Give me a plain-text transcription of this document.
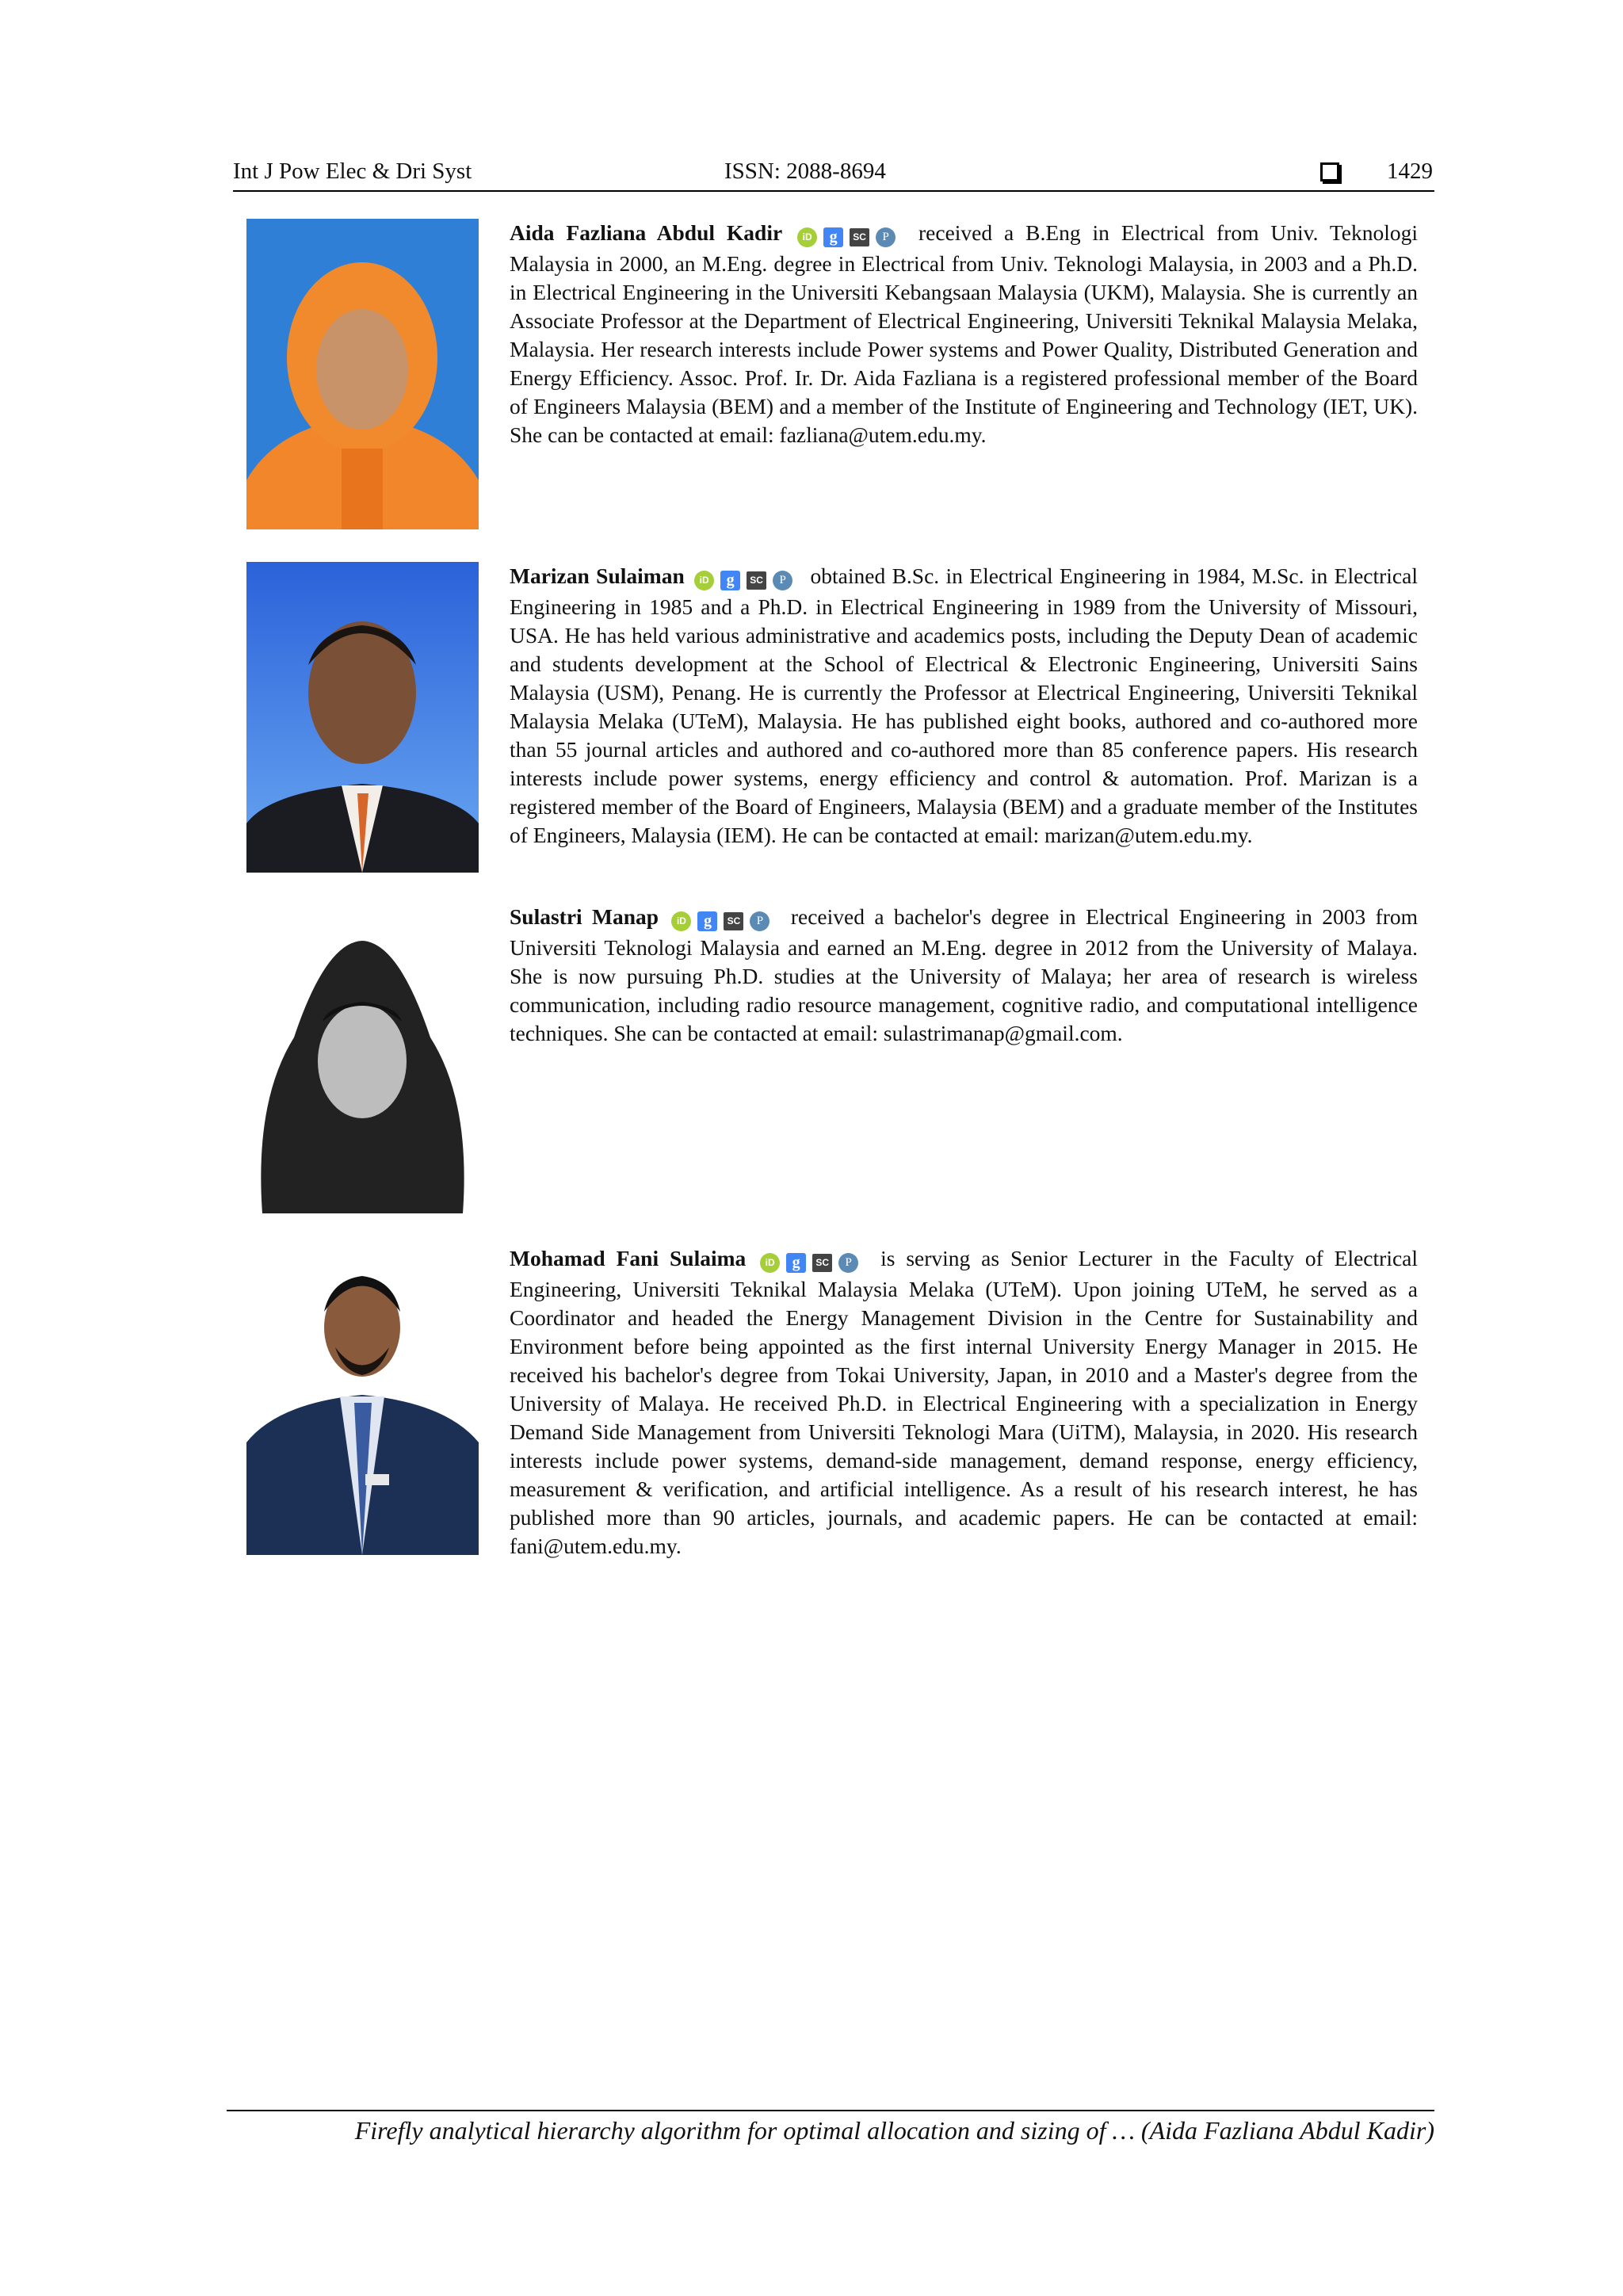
Int J Pow Elec & Dri Syst	ISSN: 2088-8694	1429
Aida Fazliana Abdul Kadir iD g SC P received a B.Eng in Electrical from Univ. Teknologi Malaysia in 2000, an M.Eng. degree in Electrical from Univ. Teknologi Malaysia, in 2003 and a Ph.D. in Electrical Engineering in the Universiti Kebangsaan Malaysia (UKM), Malaysia. She is currently an Associate Professor at the Department of Electrical Engineering, Universiti Teknikal Malaysia Melaka, Malaysia. Her research interests include Power systems and Power Quality, Distributed Generation and Energy Efficiency. Assoc. Prof. Ir. Dr. Aida Fazliana is a registered professional member of the Board of Engineers Malaysia (BEM) and a member of the Institute of Engineering and Technology (IET, UK). She can be contacted at email: fazliana@utem.edu.my.
Marizan Sulaiman iD g SC P obtained B.Sc. in Electrical Engineering in 1984, M.Sc. in Electrical Engineering in 1985 and a Ph.D. in Electrical Engineering in 1989 from the University of Missouri, USA. He has held various administrative and academics posts, including the Deputy Dean of academic and students development at the School of Electrical & Electronic Engineering, Universiti Sains Malaysia (USM), Penang. He is currently the Professor at Electrical Engineering, Universiti Teknikal Malaysia Melaka (UTeM), Malaysia. He has published eight books, authored and co-authored more than 55 journal articles and authored and co-authored more than 85 conference papers. His research interests include power systems, energy efficiency and control & automation. Prof. Marizan is a registered member of the Board of Engineers, Malaysia (BEM) and a graduate member of the Institutes of Engineers, Malaysia (IEM). He can be contacted at email: marizan@utem.edu.my.
Sulastri Manap iD g SC P received a bachelor's degree in Electrical Engineering in 2003 from Universiti Teknologi Malaysia and earned an M.Eng. degree in 2012 from the University of Malaya. She is now pursuing Ph.D. studies at the University of Malaya; her area of research is wireless communication, including radio resource management, cognitive radio, and computational intelligence techniques. She can be contacted at email: sulastrimanap@gmail.com.
Mohamad Fani Sulaima iD g SC P is serving as Senior Lecturer in the Faculty of Electrical Engineering, Universiti Teknikal Malaysia Melaka (UTeM). Upon joining UTeM, he served as a Coordinator and headed the Energy Management Division in the Centre for Sustainability and Environment before being appointed as the first internal University Energy Manager in 2015. He received his bachelor's degree from Tokai University, Japan, in 2010 and a Master's degree from the University of Malaya. He received Ph.D. in Electrical Engineering with a specialization in Energy Demand Side Management from Universiti Teknologi Mara (UiTM), Malaysia, in 2020. His research interests include power systems, demand-side management, demand response, energy efficiency, measurement & verification, and artificial intelligence. As a result of his research interest, he has published more than 90 articles, journals, and academic papers. He can be contacted at email: fani@utem.edu.my.
Firefly analytical hierarchy algorithm for optimal allocation and sizing of … (Aida Fazliana Abdul Kadir)
